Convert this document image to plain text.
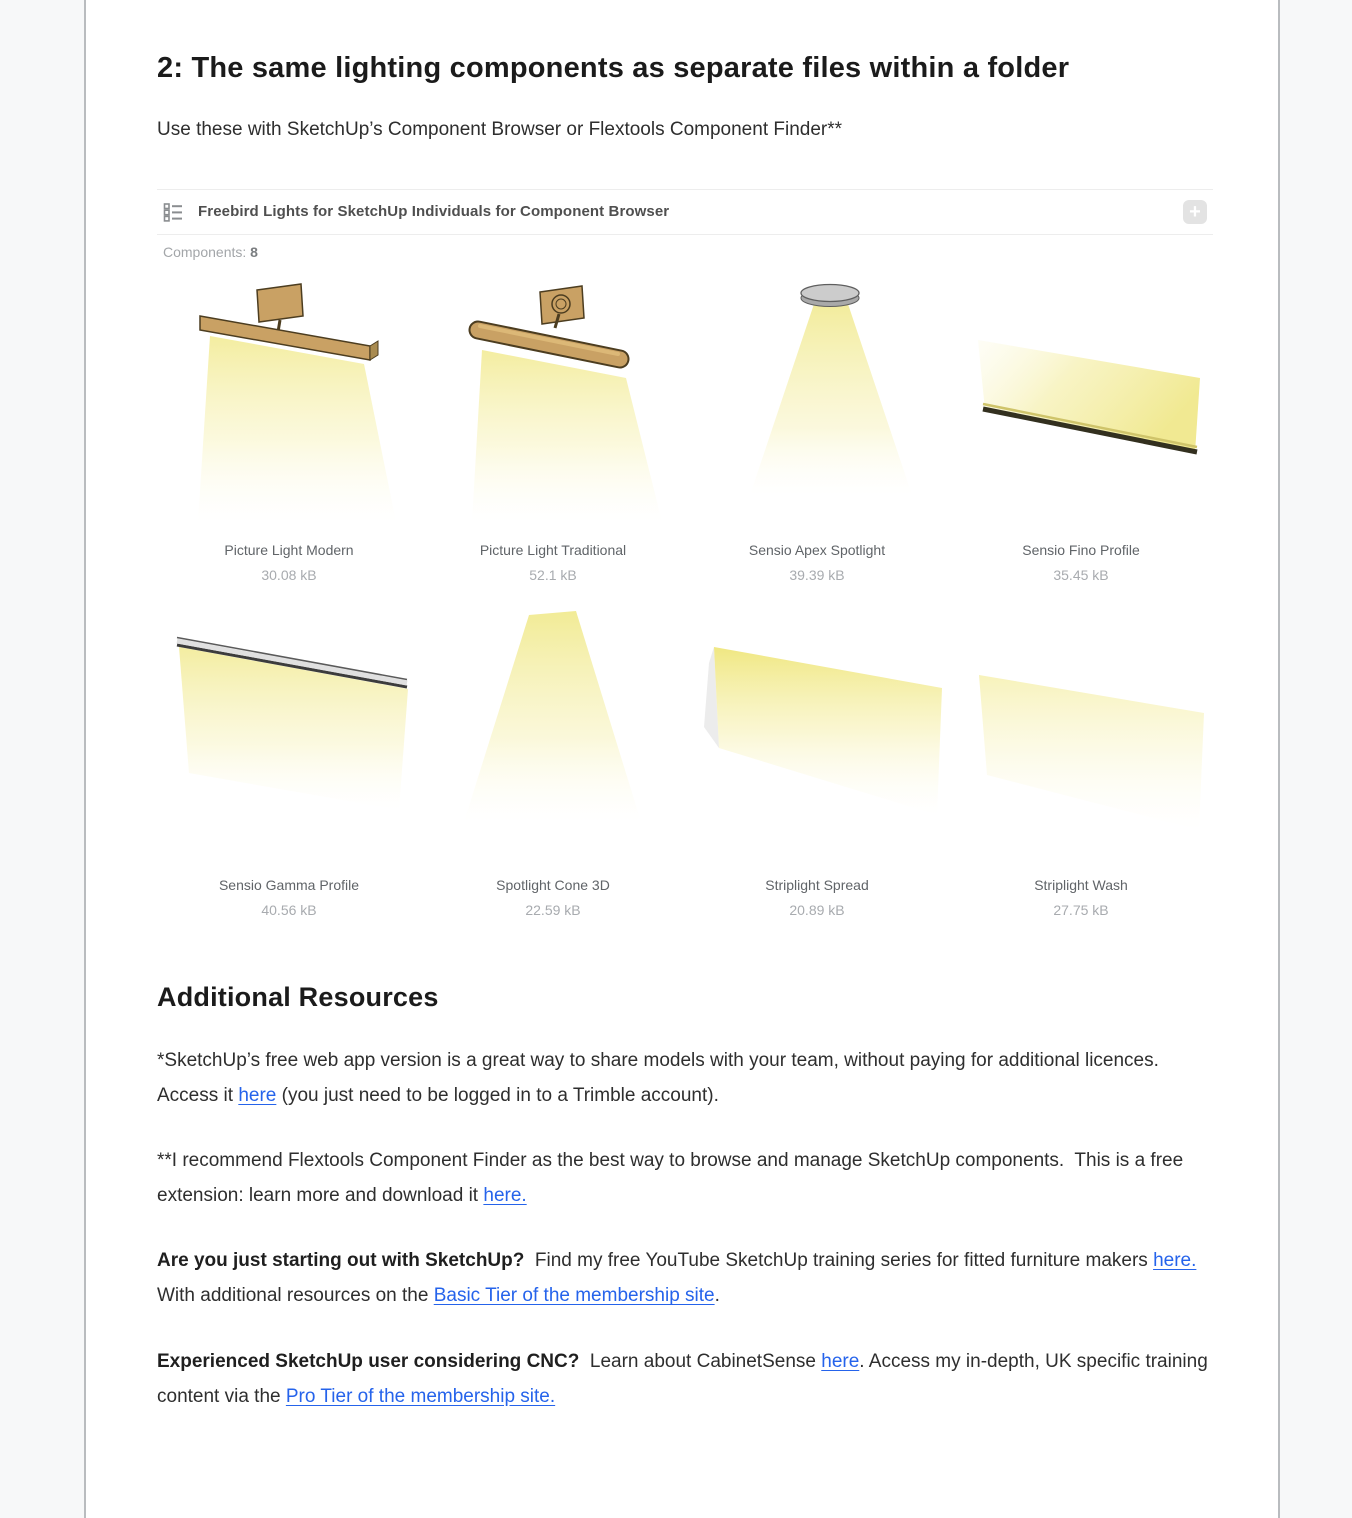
2: The same lighting components as separate files within a folder

Use these with SketchUp’s Component Browser or Flextools Component Finder**

Freebird Lights for SketchUp Individuals for Component Browser	+
Components: 8
Picture Light Modern
30.08 kB
Picture Light Traditional
52.1 kB
Sensio Apex Spotlight
39.39 kB
Sensio Fino Profile
35.45 kB
Sensio Gamma Profile
40.56 kB
Spotlight Cone 3D
22.59 kB
Striplight Spread
20.89 kB
Striplight Wash
27.75 kB
Additional Resources

*SketchUp’s free web app version is a great way to share models with your team, without paying for additional licences.  Access it here (you just need to be logged in to a Trimble account).

**I recommend Flextools Component Finder as the best way to browse and manage SketchUp components.  This is a free extension: learn more and download it here.

Are you just starting out with SketchUp?  Find my free YouTube SketchUp training series for fitted furniture makers here.  With additional resources on the Basic Tier of the membership site.

Experienced SketchUp user considering CNC?  Learn about CabinetSense here. Access my in-depth, UK specific training content via the Pro Tier of the membership site.
